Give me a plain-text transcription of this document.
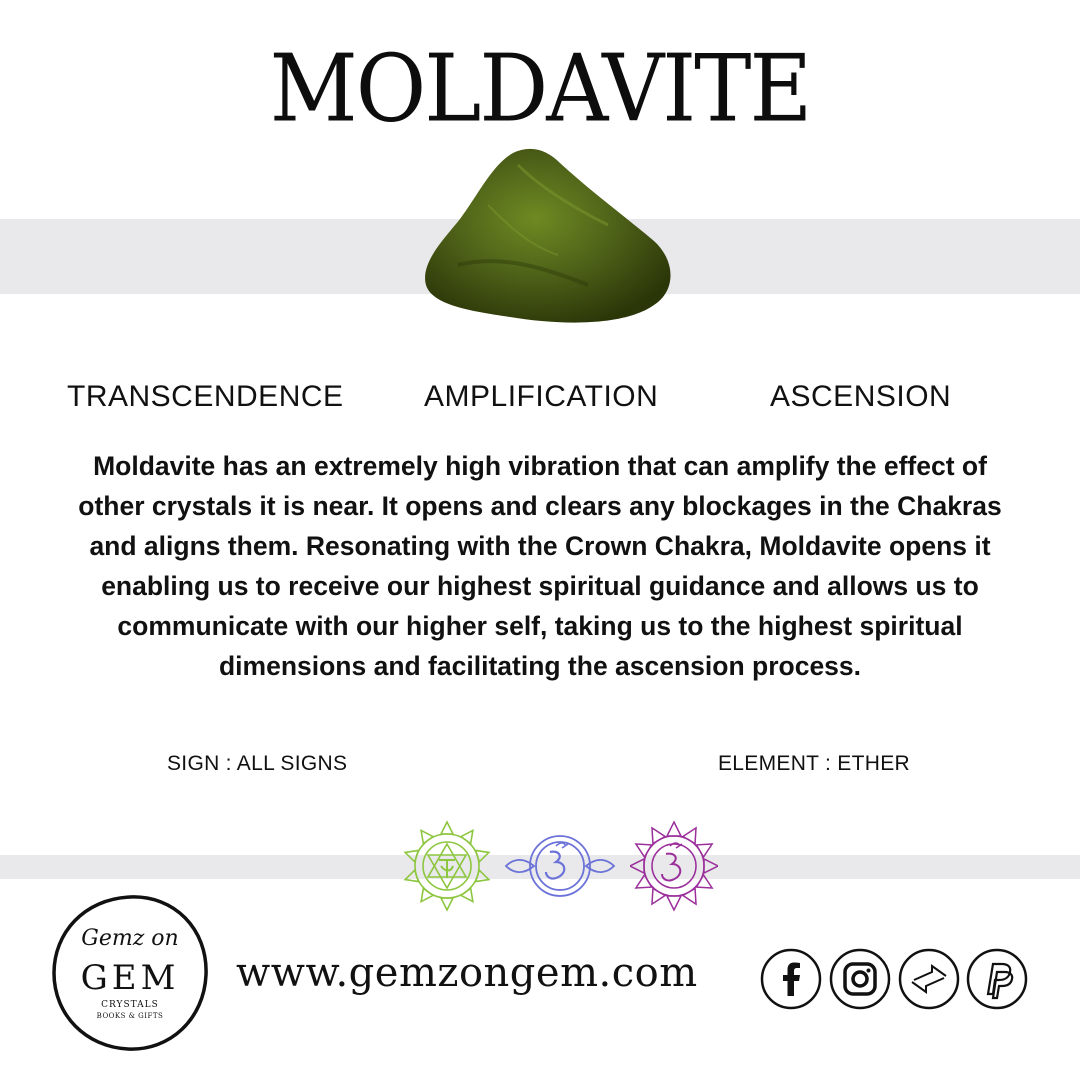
MOLDAVITE
TRANSCENDENCE	AMPLIFICATION	ASCENSION
Moldavite has an extremely high vibration that can amplify the effect of other crystals it is near. It opens and clears any blockages in the Chakras and aligns them. Resonating with the Crown Chakra, Moldavite opens it enabling us to receive our highest spiritual guidance and allows us to communicate with our higher self, taking us to the highest spiritual dimensions and facilitating the ascension process.
SIGN : ALL SIGNS	ELEMENT : ETHER
Gemz on
GEM
CRYSTALS
BOOKS & GIFTS
www.gemzongem.com
